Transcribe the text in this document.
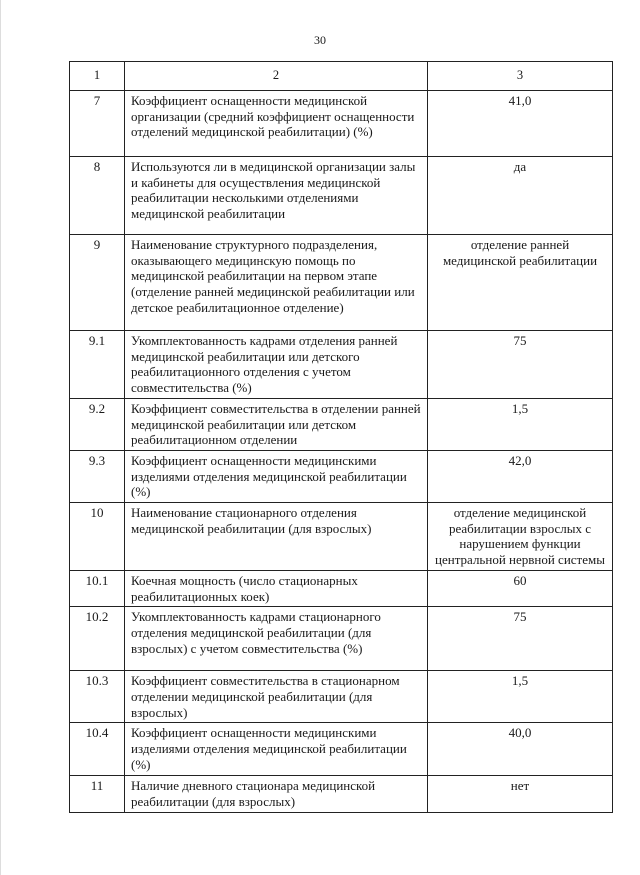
30
1	2	3
7	Коэффициент оснащенности медицинской организации (средний коэффициент оснащенности отделений медицинской реабилитации) (%)	41,0
8	Используются ли в медицинской организации залы и кабинеты для осуществления медицинской реабилитации несколькими отделениями медицинской реабилитации	да
9	Наименование структурного подразделения, оказывающего медицинскую помощь по медицинской реабилитации на первом этапе (отделение ранней медицинской реабилитации или детское реабилитационное отделение)	отделение ранней медицинской реабилитации
9.1	Укомплектованность кадрами отделения ранней медицинской реабилитации или детского реабилитационного отделения с учетом совместительства (%)	75
9.2	Коэффициент совместительства в отделении ранней медицинской реабилитации или детском реабилитационном отделении	1,5
9.3	Коэффициент оснащенности медицинскими изделиями отделения медицинской реабилитации (%)	42,0
10	Наименование стационарного отделения медицинской реабилитации (для взрослых)	отделение медицинской реабилитации взрослых с нарушением функции центральной нервной системы
10.1	Коечная мощность (число стационарных реабилитационных коек)	60
10.2	Укомплектованность кадрами стационарного отделения медицинской реабилитации (для взрослых) с учетом совместительства (%)	75
10.3	Коэффициент совместительства в стационарном отделении медицинской реабилитации (для взрослых)	1,5
10.4	Коэффициент оснащенности медицинскими изделиями отделения медицинской реабилитации (%)	40,0
11	Наличие дневного стационара медицинской реабилитации (для взрослых)	нет
